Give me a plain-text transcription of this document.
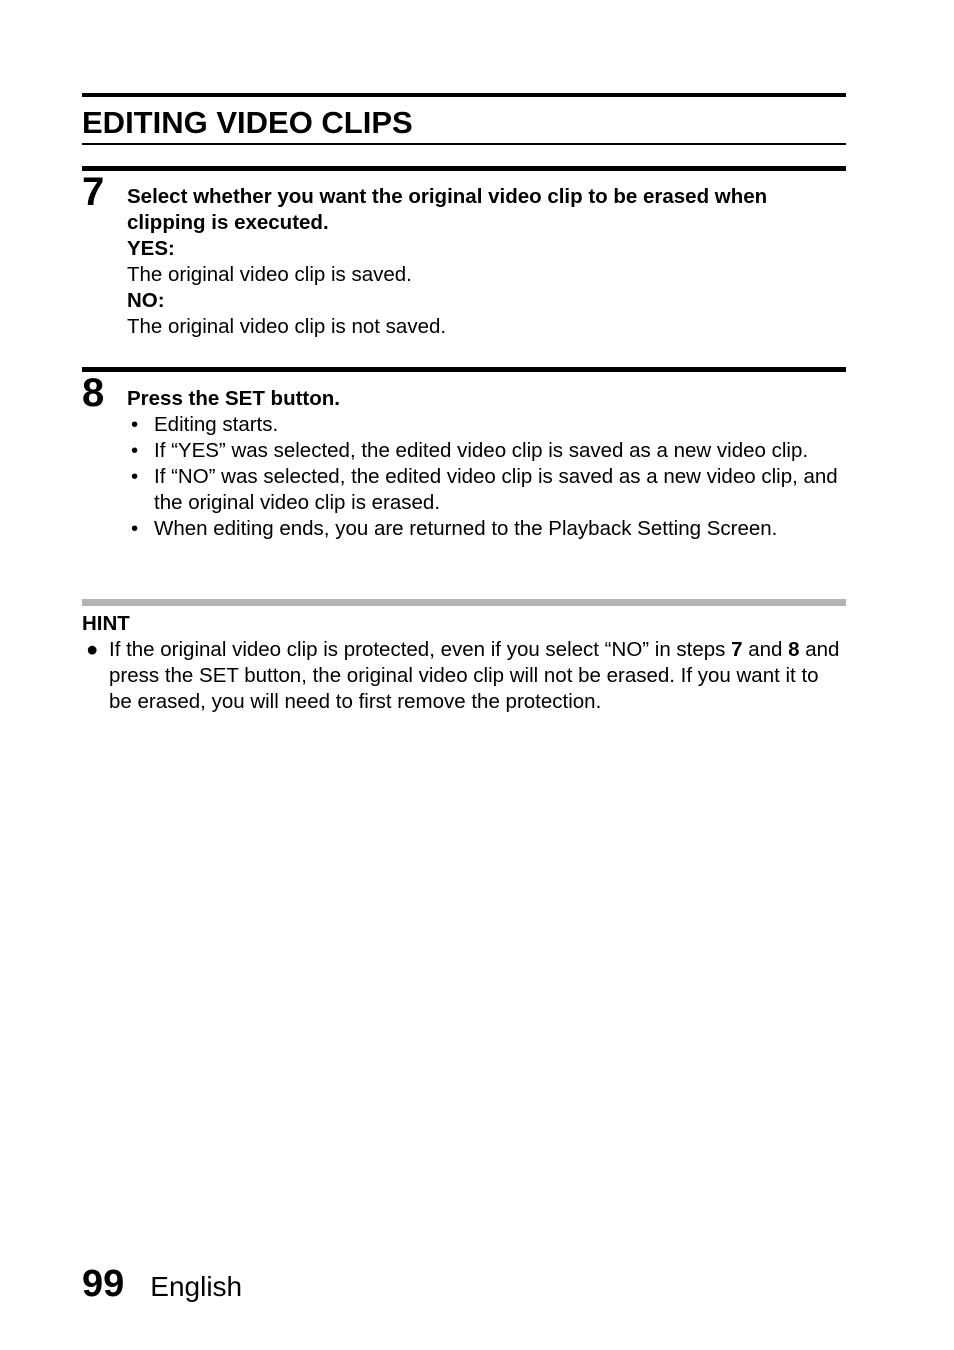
EDITING VIDEO CLIPS
7 Select whether you want the original video clip to be erased when

clipping is executed.

YES:

The original video clip is saved.

NO:

The original video clip is not saved.

8 Press the SET button.

• Editing starts.
• If “YES” was selected, the edited video clip is saved as a new video clip.
• If “NO” was selected, the edited video clip is saved as a new video clip, and the original video clip is erased.
• When editing ends, you are returned to the Playback Setting Screen.
HINT
● If the original video clip is protected, even if you select “NO” in steps 7 and 8 and press the SET button, the original video clip will not be erased. If you want it to be erased, you will need to first remove the protection.
99 English
